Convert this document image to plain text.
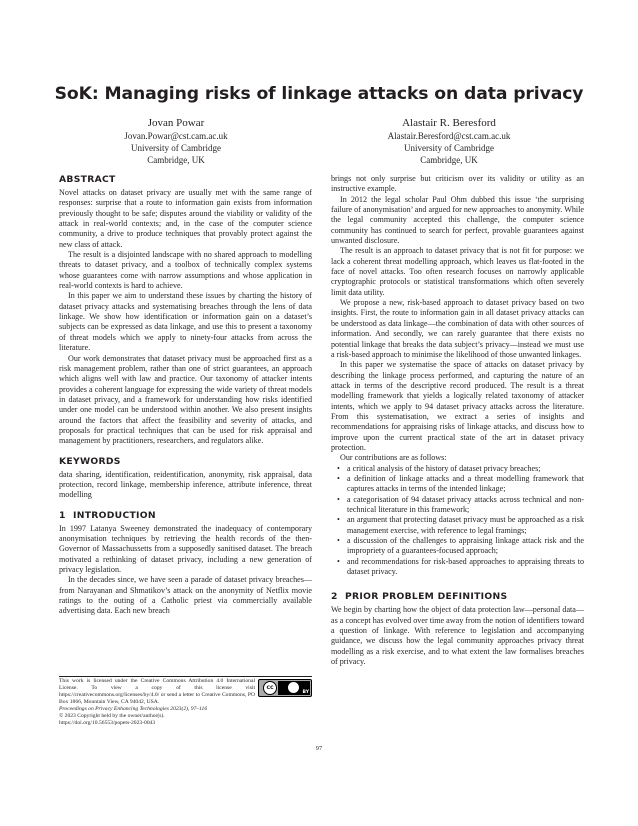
SoK: Managing risks of linkage attacks on data privacy
Jovan Powar
Jovan.Powar@cst.cam.ac.uk
University of Cambridge
Cambridge, UK
Alastair R. Beresford
Alastair.Beresford@cst.cam.ac.uk
University of Cambridge
Cambridge, UK
ABSTRACT

Novel attacks on dataset privacy are usually met with the same range of responses: surprise that a route to information gain exists from information previously thought to be safe; disputes around the viability or validity of the attack in real-world contexts; and, in the case of the computer science community, a drive to produce techniques that provably protect against the new class of attack.

The result is a disjointed landscape with no shared approach to modelling threats to dataset privacy, and a toolbox of technically complex systems whose guarantees come with narrow assumptions and whose application in real-world contexts is hard to achieve.

In this paper we aim to understand these issues by charting the history of dataset privacy attacks and systematising breaches through the lens of data linkage. We show how identification or information gain on a dataset’s subjects can be expressed as data linkage, and use this to present a taxonomy of threat models which we apply to ninety-four attacks from across the literature.

Our work demonstrates that dataset privacy must be approached first as a risk management problem, rather than one of strict guarantees, an approach which aligns well with law and practice. Our taxonomy of attacker intents provides a coherent language for expressing the wide variety of threat models in dataset privacy, and a framework for understanding how risks identified under one model can be understood within another. We also present insights around the factors that affect the feasibility and severity of attacks, and proposals for practical techniques that can be used for risk appraisal and management by practitioners, researchers, and regulators alike.

KEYWORDS

data sharing, identification, reidentification, anonymity, risk appraisal, data protection, record linkage, membership inference, attribute inference, threat modelling

1 INTRODUCTION

In 1997 Latanya Sweeney demonstrated the inadequacy of contemporary anonymisation techniques by retrieving the health records of the then-Governor of Massachussetts from a supposedly sanitised dataset. The breach motivated a rethinking of dataset privacy, including a new generation of privacy legislation.

In the decades since, we have seen a parade of dataset privacy breaches—from Narayanan and Shmatikov’s attack on the anonymity of Netflix movie ratings to the outing of a Catholic priest via commercially available advertising data. Each new breach

This work is licensed under the Creative Commons Attribution 4.0 International License. To view a copy of this license visit https://creativecommons.org/licenses/by/4.0/ or send a letter to Creative Commons, PO Box 1866, Mountain View, CA 94042, USA.
cc
BY
Proceedings on Privacy Enhancing Technologies 2023(2), 97–116
© 2023 Copyright held by the owner/author(s).
https://doi.org/10.56553/popets-2023-0043

brings not only surprise but criticism over its validity or utility as an instructive example.

In 2012 the legal scholar Paul Ohm dubbed this issue ‘the surprising failure of anonymisation’ and argued for new approaches to anonymity. While the legal community accepted this challenge, the computer science community has continued to search for perfect, provable guarantees against unwanted disclosure.

The result is an approach to dataset privacy that is not fit for purpose: we lack a coherent threat modelling approach, which leaves us flat-footed in the face of novel attacks. Too often research focuses on narrowly applicable cryptographic protocols or statistical transformations which often severely limit data utility.

We propose a new, risk-based approach to dataset privacy based on two insights. First, the route to information gain in all dataset privacy attacks can be understood as data linkage—the combination of data with other sources of information. And secondly, we can rarely guarantee that there exists no potential linkage that breaks the data subject’s privacy—instead we must use a risk-based approach to minimise the likelihood of those unwanted linkages.

In this paper we systematise the space of attacks on dataset privacy by describing the linkage process performed, and capturing the nature of an attack in terms of the descriptive record produced. The result is a threat modelling framework that yields a logically related taxonomy of attacker intents, which we apply to 94 dataset privacy attacks across the literature. From this systematisation, we extract a series of insights and recommendations for appraising risks of linkage attacks, and discuss how to improve upon the current practical state of the art in dataset privacy protection.

Our contributions are as follows:

• a critical analysis of the history of dataset privacy breaches;
• a definition of linkage attacks and a threat modelling framework that captures attacks in terms of the intended linkage;
• a categorisation of 94 dataset privacy attacks across technical and non-technical literature in this framework;
• an argument that protecting dataset privacy must be approached as a risk management exercise, with reference to legal framings;
• a discussion of the challenges to appraising linkage attack risk and the impropriety of a guarantees-focused approach;
• and recommendations for risk-based approaches to appraising threats to dataset privacy.
2 PRIOR PROBLEM DEFINITIONS

We begin by charting how the object of data protection law—personal data—as a concept has evolved over time away from the notion of identifiers toward a question of linkage. With reference to legislation and accompanying guidance, we discuss how the legal community approaches privacy threat modelling as a risk exercise, and to what extent the law formalises breaches of privacy.

97
